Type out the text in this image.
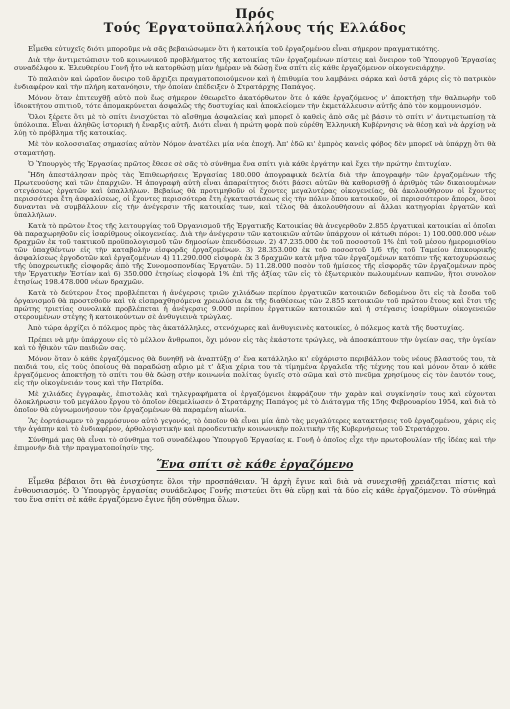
Πρός
Τούς Έργατοϋπαλλήλους τής Ελλάδος

Εἶμεθα εὐτυχεῖς διότι μποροῦμε νὰ σᾶς βεβαιώσωμεν ὅτι ἡ κατοικία τοῦ ἐργαζομένου εἶναι σήμερον πραγματικότης.

Διὰ τὴν ἀντιμετώπισιν τοῦ κοινωνικοῦ προβλήματος τῆς κατοικίας τῶν ἐργαζομένων πίστεις καὶ ὄνειρον τοῦ Ὑπουργοῦ Ἐργασίας συναδέλφου κ. Ἐλευθερίου Γονῆ ἦτο νὰ κατορθώσῃ μίαν ἡμέραν νὰ δώσῃ ἕνα σπίτι εἰς κάθε ἐργαζόμενον οἰκογενειάρχην.

Τὸ παλαιὸν καὶ ὡραῖον ὄνειρο τοῦ ἄρχιζει πραγματοποιούμενον καὶ ἡ ἐπιθυμία του λαμβάνει σάρκα καὶ ὀστᾶ χάρις εἰς τὸ πατρικὸν ἐνδιαφέρον καὶ τὴν πλήρη κατανόησιν, τὴν ὁποίαν ἐπέδειξεν ὁ Στρατάρχης Παπάγος.

Μόνον ὅταν ἐπιτευχθῇ αὐτὸ ποὺ ἕως σήμερον ἐθεωρεῖτο ἀκατόρθωτον ὅτε ὁ κάθε ἐργαζόμενος ν' ἀποκτήσῃ τὴν θαλπωρὴν τοῦ ἰδιοκτήτου σπιτιοῦ, τότε ἀπομακρύνεται ἀσφαλῶς τὴς δυστυχίας καὶ ἀποκλείομεν τὴν ἐκμετάλλευσιν αὐτῆς ἀπὸ τὸν κομμουνισμόν.

Ὅλοι ξέρετε ὅτι μὲ τὸ σπίτι ἐνισχύεται τὸ αἴσθημα ἀσφαλείας καὶ μπορεῖ ὁ καθεὶς ἀπὸ σᾶς μὲ βάσιν τὸ σπίτι ν' ἀντιμετωπίσῃ τὰ ὑπόλοιπα. Εἶναι ἀληθῶς ἱστορικὴ ἡ ἔναρξις αὐτῆ. Διότι εἶναι ἡ πρώτη φορὰ ποὺ εὑρέθη Ἑλληνικὴ Κυβέρνησις νὰ θέσῃ καὶ νὰ ἀρχίσῃ νὰ λύῃ τὸ πρόβλημα τῆς κατοικίας.

Μὲ τὸν κολοσσιαῖας σημασίας αὐτὸν Νόμον ἀνατέλει μία νέα ἐποχή. Ἀπ' ἐδῶ κι' ἐμπρὸς κανεὶς φόβος δὲν μπορεῖ νὰ ὑπάρχῃ ὅτι θὰ σταματήσῃ.

Ὁ Ὑπουργὸς τῆς Ἐργασίας πρῶτος ἔθεσε σὲ σᾶς τὸ σύνθημα ἕνα σπίτι γιὰ κάθε ἐργάτην καὶ ἔχει τὴν πρώτην ἐπιτυχίαν.

Ἤδη ἀπεστάλησαν πρὸς τὰς Ἐπιθεωρήσεις Ἐργασίας 180.000 ἀπογραφικὰ δελτία διὰ τὴν ἀπογραφὴν τῶν ἐργαζομένων τῆς Πρωτευούσης καὶ τῶν ἐπαρχιῶν. Ἡ ἀπογραφὴ αὐτὴ εἶναι ἀπαραίτητος διότι βάσει αὐτῶν θὰ καθορισθῇ ὁ ἀριθμὸς τῶν δικαιουμένων στεγάσεως ἐργατῶν καὶ ὑπαλλήλων. Βεβαίως θὰ προτιμηθοῦν οἱ ἔχοντες μεγαλυτέρας οἰκογενείας, θὰ ἀκολουθήσουν οἱ ἔχοντες περισσότερα ἔτη ἀσφαλίσεως, οἱ ἔχοντες περισσότερα ἔτη ἐγκαταστάσεως εἰς τὴν πόλιν ὅπου κατοικοῦν, οἱ περισσότερον ἄποροι, ὅσοι δυνανται νὰ συμβάλλουν εἰς τὴν ἀνέγερσιν τῆς κατοικίας των, καὶ τέλος θὰ ἀκολουθήσουν αἱ ἄλλαι κατηγορίαι ἐργατῶν καὶ ὑπαλλήλων.

Κατὰ τὸ πρῶτον ἔτος τῆς λειτουργίας τοῦ Ὀργανισμοῦ τῆς Ἐργατικῆς Κατοικίας θὰ ἀνεγερθοῦν 2.855 ἐργατικαὶ κατοικίαι αἱ ὁποῖαι θὰ παραχωρηθοῦν εἰς ἰσαρίθμους οἰκογενείας. Διὰ τὴν ἀνέγερσιν τῶν κατοικιῶν αὐτῶν ὑπάρχουν οἱ κάτωθι πόροι: 1) 100.000.000 νέων δραχμῶν ἐκ τοῦ τακτικοῦ προϋπολογισμοῦ τῶν δημοσίων ἐπενδύσεων. 2) 47.235.000 ἐκ τοῦ ποσοστοῦ 1% ἐπὶ τοῦ μέσου ἡμερομισθίου τῶν ὑπαχθέντων εἰς τὴν καταβολὴν εἰσφορᾶς ἐργαζομένων. 3) 28.353.000 ἐκ τοῦ ποσοστοῦ 1/6 τῆς τοῦ Ταμείου ἐπικουρικῆς ἀσφαλίσεως ἐργοδοτῶν καὶ ἐργαζομένων 4) 11.290.000 εἰσφορὰ ἐκ 3 δραχμῶν κατὰ μῆνα τῶν ἐργαζομένων κατόπιν τῆς κατοχυρώσεως τῆς ὑποχρεωτικῆς εἰσφορᾶς ἀπὸ τῆς Συνομοσπονδίας Ἐργατῶν. 5) 11.28.000 ποσὸν τοῦ ἡμίσεος τῆς εἰσφορᾶς τῶν ἐργαζομένων πρὸς τὴν Ἐργατικὴν Ἑστίαν καὶ 6) 350.000 ἐτησίως εἰσφορὰ 1% ἐπὶ τῆς ἀξίας τῶν εἰς τὸ ἐξωτερικὸν πωλουμένων καπνῶν, ἤτοι συνολον ἐτησίως 198.478.000 νέων δραχμῶν.

Κατὰ τὸ δεύτερον ἔτος προβλέπεται ἡ ἀνέγερσις τριῶν χιλιάδων περίπου ἐργατικῶν κατοικιῶν δεδομένου ὅτι εἰς τὰ ἔσοδα τοῦ ὀργανισμοῦ θὰ προστεθοῦν καὶ τὰ εἰσπραχθησόμενα χρεωλύσια ἐκ τῆς διαθέσεως τῶν 2.855 κατοικιῶν τοῦ πρώτου ἔτους καὶ ἔτσι τῆς πρώτης τριετίας συνολικὰ προβλέπεται ἡ ἀνέγερσις 9.000 περίπου ἐργατικῶν κατοικιῶν καὶ ἡ στέγασις ἰσαρίθμων οἰκογενειῶν στερουμένων στέγης ἢ κατοικούντων σὲ ἀνθυγιεινὰ τρώγλας.

Ἀπὸ τώρα ἀρχίζει ὁ πόλεμος πρὸς τὰς ἀκατάλληλες, στενόχωρες καὶ ἀνθυγιεινὲς κατοικίες, ὁ πόλεμος κατὰ τῆς δυστυχίας.

Πρέπει νὰ μὴν ὑπάρχουν εἰς τὸ μέλλον ἄνθρωποι, ὄχι μόνον εἰς τὰς ἑκάστοτε τρώγλες, νὰ ἀποσκάπτουν τὴν ὑγείαν σας, τὴν ὑγείαν καὶ τὸ ἦθικὸν τῶν παιδιῶν σας.

Μόνον ὅταν ὁ κάθε ἐργαζόμενος θὰ δυνηθῇ νὰ ἀναπτύξῃ σ' ἕνα κατάλληλο κι' εὐχάριστο περιβάλλον τοὺς νέους βλαστούς του, τὰ παιδιά του, εἰς τοὺς ὁποίους θὰ παραδώσῃ αὔριο μὲ τ' ἄξια χέρια του τὰ τίμημένα ἐργαλεῖα τῆς τέχνης του καὶ μόνον ὅταν ὁ κάθε ἐργαζόμενος ἀποκτήσῃ τὸ σπίτι του θὰ δώσῃ στὴν κοινωνία πολίτας ὑγιεῖς στὸ σῶμα καὶ στὸ πνεῦμα χρησίμους εἰς τὸν ἑαυτόν τους, εἰς τὴν οἰκογένειάν τους καὶ τὴν Πατρίδα.

Μὲ χιλιάδες ἐγγραφὰς, ἐπιστολὰς καὶ τηλεγραφήματα οἱ ἐργαζόμενοι ἐκφράζουν τὴν χαρὰν καὶ συγκίνησίν τους καὶ εὐχονται ὁλοκλήρωσιν τοῦ μεγάλου ἔργου τὸ ὁποῖον ἐθεμελίωσεν ὁ Στρατάρχης Παπάγος μὲ τὸ Διάταγμα τῆς 15ης Φεβρουαρίου 1954, καὶ διὰ τὸ ὁποῖον θὰ εὐγνωμονήσουν τὸν ἐργαζομένων θὰ παραμένη αἰωνία.

Ἃς ἑορτάσωμεν τὸ χαρμόσυνον αὐτὸ γεγονός, τὸ ὁποῖον θὰ εἶναι μία ἀπὸ τὰς μεγαλύτερες κατακτήσεις τοῦ ἐργαζομένου, χάρις εἰς τὴν ἀγάπην καὶ τὸ ἐνδιαφέρον, ἀρθολογιστικὴν καὶ προοδευτικὴν κοινωνικὴν πολιτικὴν τῆς Κυβερνήσεως τοῦ Στρατάρχου.

Σύνθημά μας θὰ εἶναι τὸ σύνθημα τοῦ συναδέλφου Ὑπουργοῦ Ἐργασίας κ. Γονῆ ὁ ὁποῖος εἶχε τὴν πρωτοβουλίαν τῆς ἰδέας καὶ τὴν ἐπιμονὴν διὰ τὴν πραγματοποίησίν της.

Ἕνα σπίτι σὲ κάθε ἐργαζόμενο

Εἶμεθα βέβαιοι ὅτι θὰ ἐνισχύσητε ὅλοι τὴν προσπάθειαν. Ἡ ἀρχὴ ἔγινε καὶ διὰ νὰ συνεχισθῇ χρειάζεται πίστις καὶ ἐνθουσιασμός. Ὁ Ὑπουργὸς ἐργασίας συνάδελφος Γονῆς πιστεύει ὅτι θὰ εὕρῃ καὶ τὰ δύο εἰς κάθε ἐργαζόμενον. Τὸ σύνθημά του ἕνα σπίτι σὲ κάθε ἐργαζόμενο ἔγινε ἤδη σύνθημα ὅλων.
